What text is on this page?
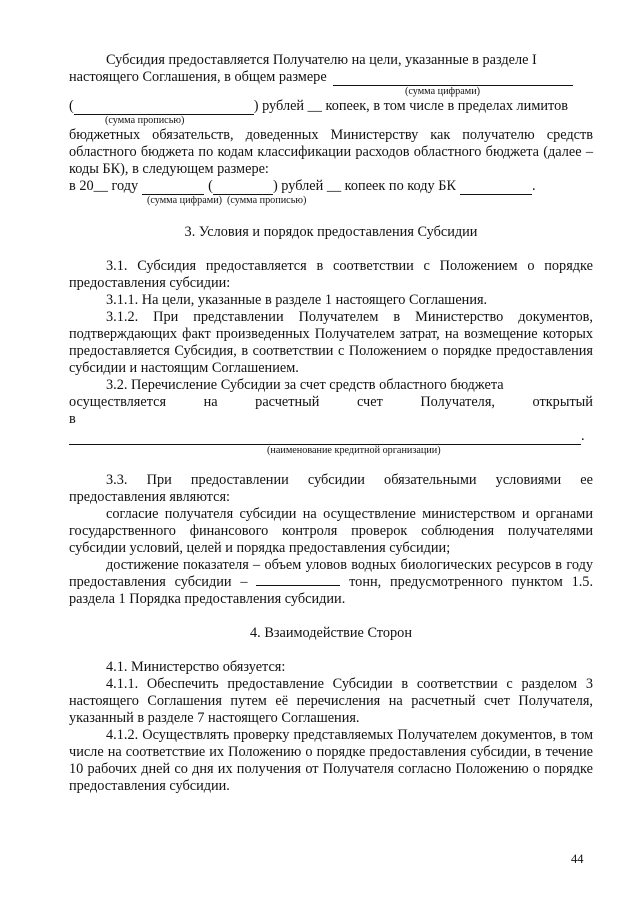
Субсидия предоставляется Получателю на цели, указанные в разделе I

настоящего Соглашения, в общем размере
(сумма цифрами)
(	) рублей __ копеек, в том числе в пределах лимитов
(сумма прописью)

бюджетных обязательств, доведенных Министерству как получателю средств областного бюджета по кодам классификации расходов областного бюджета (далее – коды БК), в следующем размере:

в 20__ году	(	) рублей __ копеек по коду БК	.
(сумма цифрами) (сумма прописью)

3. Условия и порядок предоставления Субсидии

3.1. Субсидия предоставляется в соответствии с Положением о порядке предоставления субсидии:

3.1.1. На цели, указанные в разделе 1 настоящего Соглашения.

3.1.2. При представлении Получателем в Министерство документов, подтверждающих факт произведенных Получателем затрат, на возмещение которых предоставляется Субсидия, в соответствии с Положением о порядке предоставления субсидии и настоящим Соглашением.

3.2. Перечисление Субсидии за счет средств областного бюджета

осуществляется	на	расчетный	счет	Получателя,	открытый
в
.
(наименование кредитной организации)

3.3. При предоставлении субсидии обязательными условиями ее предоставления являются:

согласие получателя субсидии на осуществление министерством и органами государственного финансового контроля проверок соблюдения получателями субсидии условий, целей и порядка предоставления субсидии;

достижение показателя – объем уловов водных биологических ресурсов в году предоставления субсидии –	тонн, предусмотренного пунктом 1.5. раздела 1 Порядка предоставления субсидии.

4. Взаимодействие Сторон

4.1. Министерство обязуется:

4.1.1. Обеспечить предоставление Субсидии в соответствии с разделом 3 настоящего Соглашения путем её перечисления на расчетный счет Получателя, указанный в разделе 7 настоящего Соглашения.

4.1.2. Осуществлять проверку представляемых Получателем документов, в том числе на соответствие их Положению о порядке предоставления субсидии, в течение 10 рабочих дней со дня их получения от Получателя согласно Положению о порядке предоставления субсидии.

44
